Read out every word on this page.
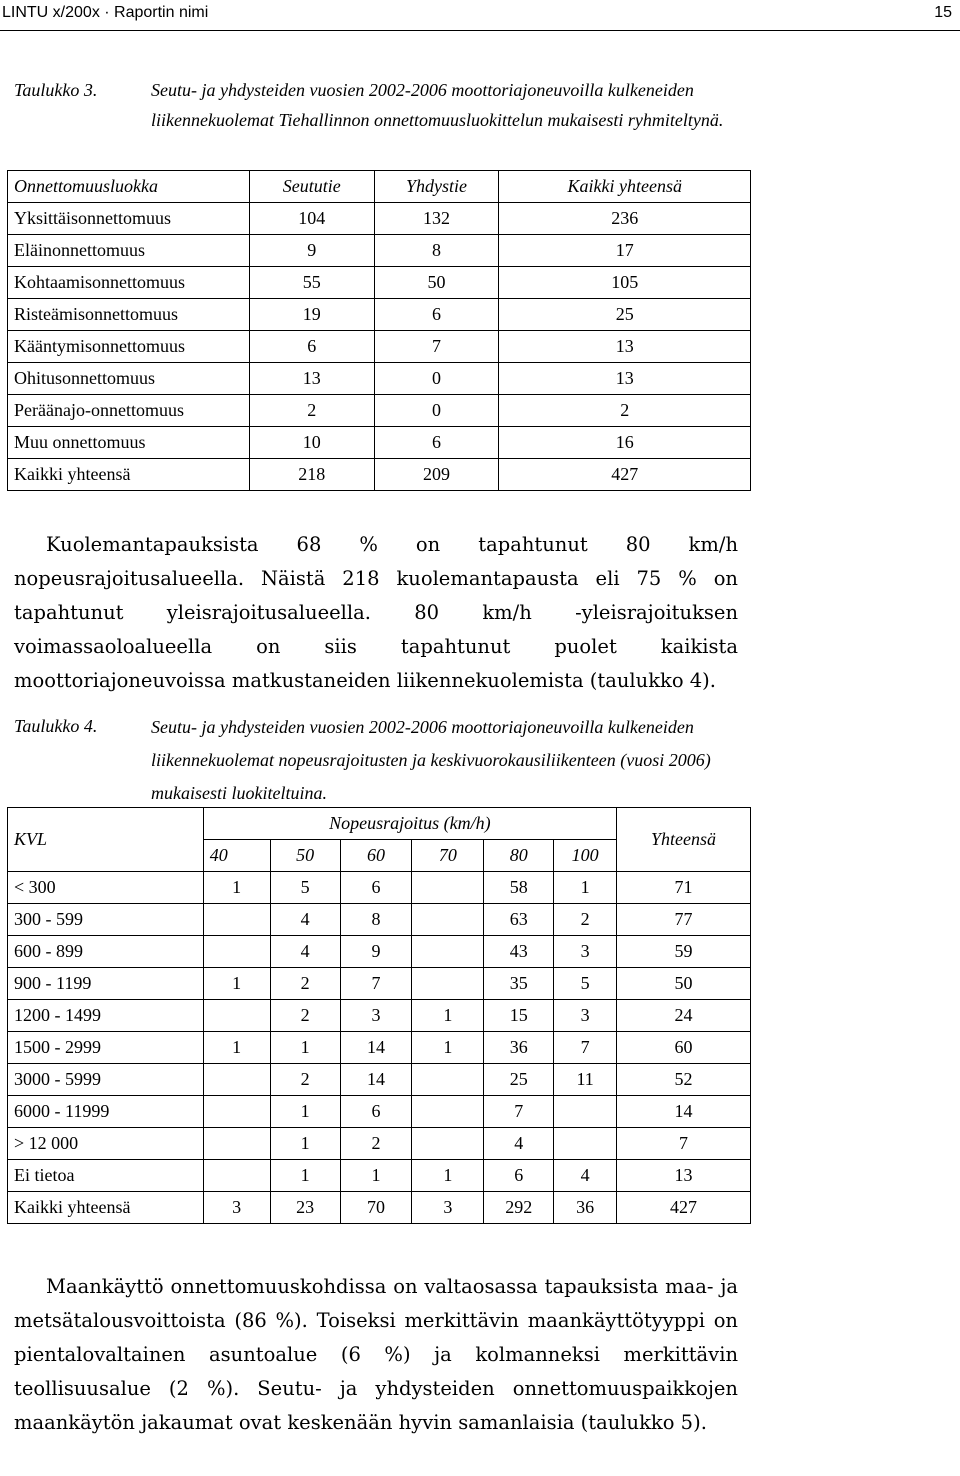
LINTU x/200x · Raportin nimi	15
Taulukko 3.	Seutu- ja yhdysteiden vuosien 2002-2006 moottoriajoneuvoilla kulkeneiden liikennekuolemat Tiehallinnon onnettomuusluokittelun mukaisesti ryhmiteltynä.
Onnettomuusluokka	Seututie	Yhdystie	Kaikki yhteensä
Yksittäisonnettomuus	104	132	236
Eläinonnettomuus	9	8	17
Kohtaamisonnettomuus	55	50	105
Risteämisonnettomuus	19	6	25
Kääntymisonnettomuus	6	7	13
Ohitusonnettomuus	13	0	13
Peräänajo-onnettomuus	2	0	2
Muu onnettomuus	10	6	16
Kaikki yhteensä	218	209	427
Kuolemantapauksista 68 % on tapahtunut 80 km/h nopeusrajoitusalueella. Näistä 218 kuolemantapausta eli 75 % on tapahtunut yleisrajoitusalueella. 80 km/h -yleisrajoituksen voimassaoloalueella on siis tapahtunut puolet kaikista moottoriajoneuvoissa matkustaneiden liikennekuolemista (taulukko 4).
Taulukko 4.	Seutu- ja yhdysteiden vuosien 2002-2006 moottoriajoneuvoilla kulkeneiden liikennekuolemat nopeusrajoitusten ja keskivuorokausiliikenteen (vuosi 2006) mukaisesti luokiteltuina.
KVL	Nopeusrajoitus (km/h)						Yhteensä
	40	50	60	70	80	100	
< 300	1	5	6		58	1	71
300 - 599		4	8		63	2	77
600 - 899		4	9		43	3	59
900 - 1199	1	2	7		35	5	50
1200 - 1499		2	3	1	15	3	24
1500 - 2999	1	1	14	1	36	7	60
3000 - 5999		2	14		25	11	52
6000 - 11999		1	6		7		14
> 12 000		1	2		4		7
Ei tietoa		1	1	1	6	4	13
Kaikki yhteensä	3	23	70	3	292	36	427
Maankäyttö onnettomuuskohdissa on valtaosassa tapauksista maa- ja metsätalousvoittoista (86 %). Toiseksi merkittävin maankäyttötyyppi on pientalovaltainen asuntoalue (6 %) ja kolmanneksi merkittävin teollisuusalue (2 %). Seutu- ja yhdysteiden onnettomuuspaikkojen maankäytön jakaumat ovat keskenään hyvin samanlaisia (taulukko 5).
